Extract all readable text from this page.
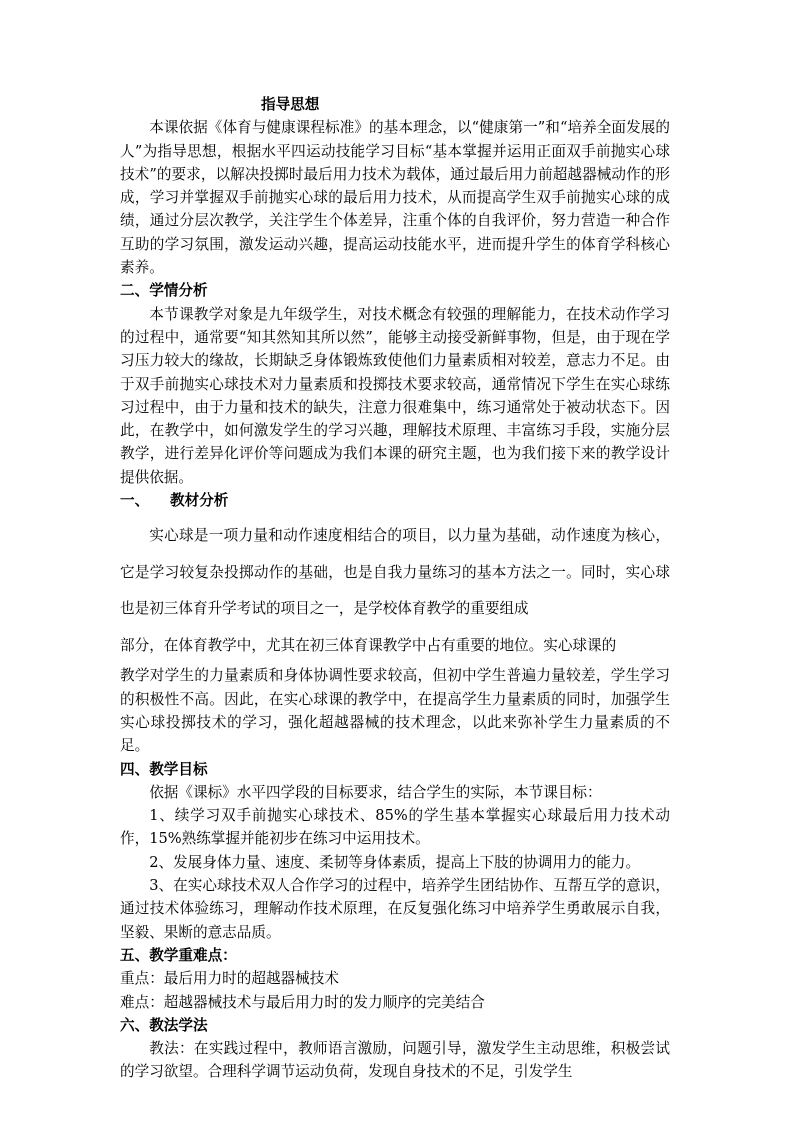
指导思想

本课依据《体育与健康课程标准》的基本理念，以“健康第一”和“培养全面发展的人”为指导思想，根据水平四运动技能学习目标“基本掌握并运用正面双手前抛实心球技术”的要求，以解决投掷时最后用力技术为载体，通过最后用力前超越器械动作的形成，学习并掌握双手前抛实心球的最后用力技术，从而提高学生双手前抛实心球的成绩，通过分层次教学，关注学生个体差异，注重个体的自我评价，努力营造一种合作互助的学习氛围，激发运动兴趣，提高运动技能水平，进而提升学生的体育学科核心素养。

二、学情分析

本节课教学对象是九年级学生，对技术概念有较强的理解能力，在技术动作学习的过程中，通常要“知其然知其所以然”，能够主动接受新鲜事物，但是，由于现在学习压力较大的缘故，长期缺乏身体锻炼致使他们力量素质相对较差，意志力不足。由于双手前抛实心球技术对力量素质和投掷技术要求较高，通常情况下学生在实心球练习过程中，由于力量和技术的缺失，注意力很难集中，练习通常处于被动状态下。因此，在教学中，如何激发学生的学习兴趣，理解技术原理、丰富练习手段，实施分层教学，进行差异化评价等问题成为我们本课的研究主题，也为我们接下来的教学设计提供依据。

一、 教材分析

实心球是一项力量和动作速度相结合的项目，以力量为基础，动作速度为核心，它是学习较复杂投掷动作的基础，也是自我力量练习的基本方法之一。同时，实心球也是初三体育升学考试的项目之一，是学校体育教学的重要组成

部分，在体育教学中，尤其在初三体育课教学中占有重要的地位。实心球课的

教学对学生的力量素质和身体协调性要求较高，但初中学生普遍力量较差，学生学习的积极性不高。因此，在实心球课的教学中，在提高学生力量素质的同时，加强学生实心球投掷技术的学习，强化超越器械的技术理念，以此来弥补学生力量素质的不足。

四、教学目标

依据《课标》水平四学段的目标要求，结合学生的实际，本节课目标：

1、续学习双手前抛实心球技术、85%的学生基本掌握实心球最后用力技术动作，15%熟练掌握并能初步在练习中运用技术。

2、发展身体力量、速度、柔韧等身体素质，提高上下肢的协调用力的能力。

3、在实心球技术双人合作学习的过程中，培养学生团结协作、互帮互学的意识，通过技术体验练习，理解动作技术原理，在反复强化练习中培养学生勇敢展示自我，坚毅、果断的意志品质。

五、教学重难点：

重点：最后用力时的超越器械技术

难点：超越器械技术与最后用力时的发力顺序的完美结合

六、教法学法

教法：在实践过程中，教师语言激励，问题引导，激发学生主动思维，积极尝试的学习欲望。合理科学调节运动负荷，发现自身技术的不足，引发学生
